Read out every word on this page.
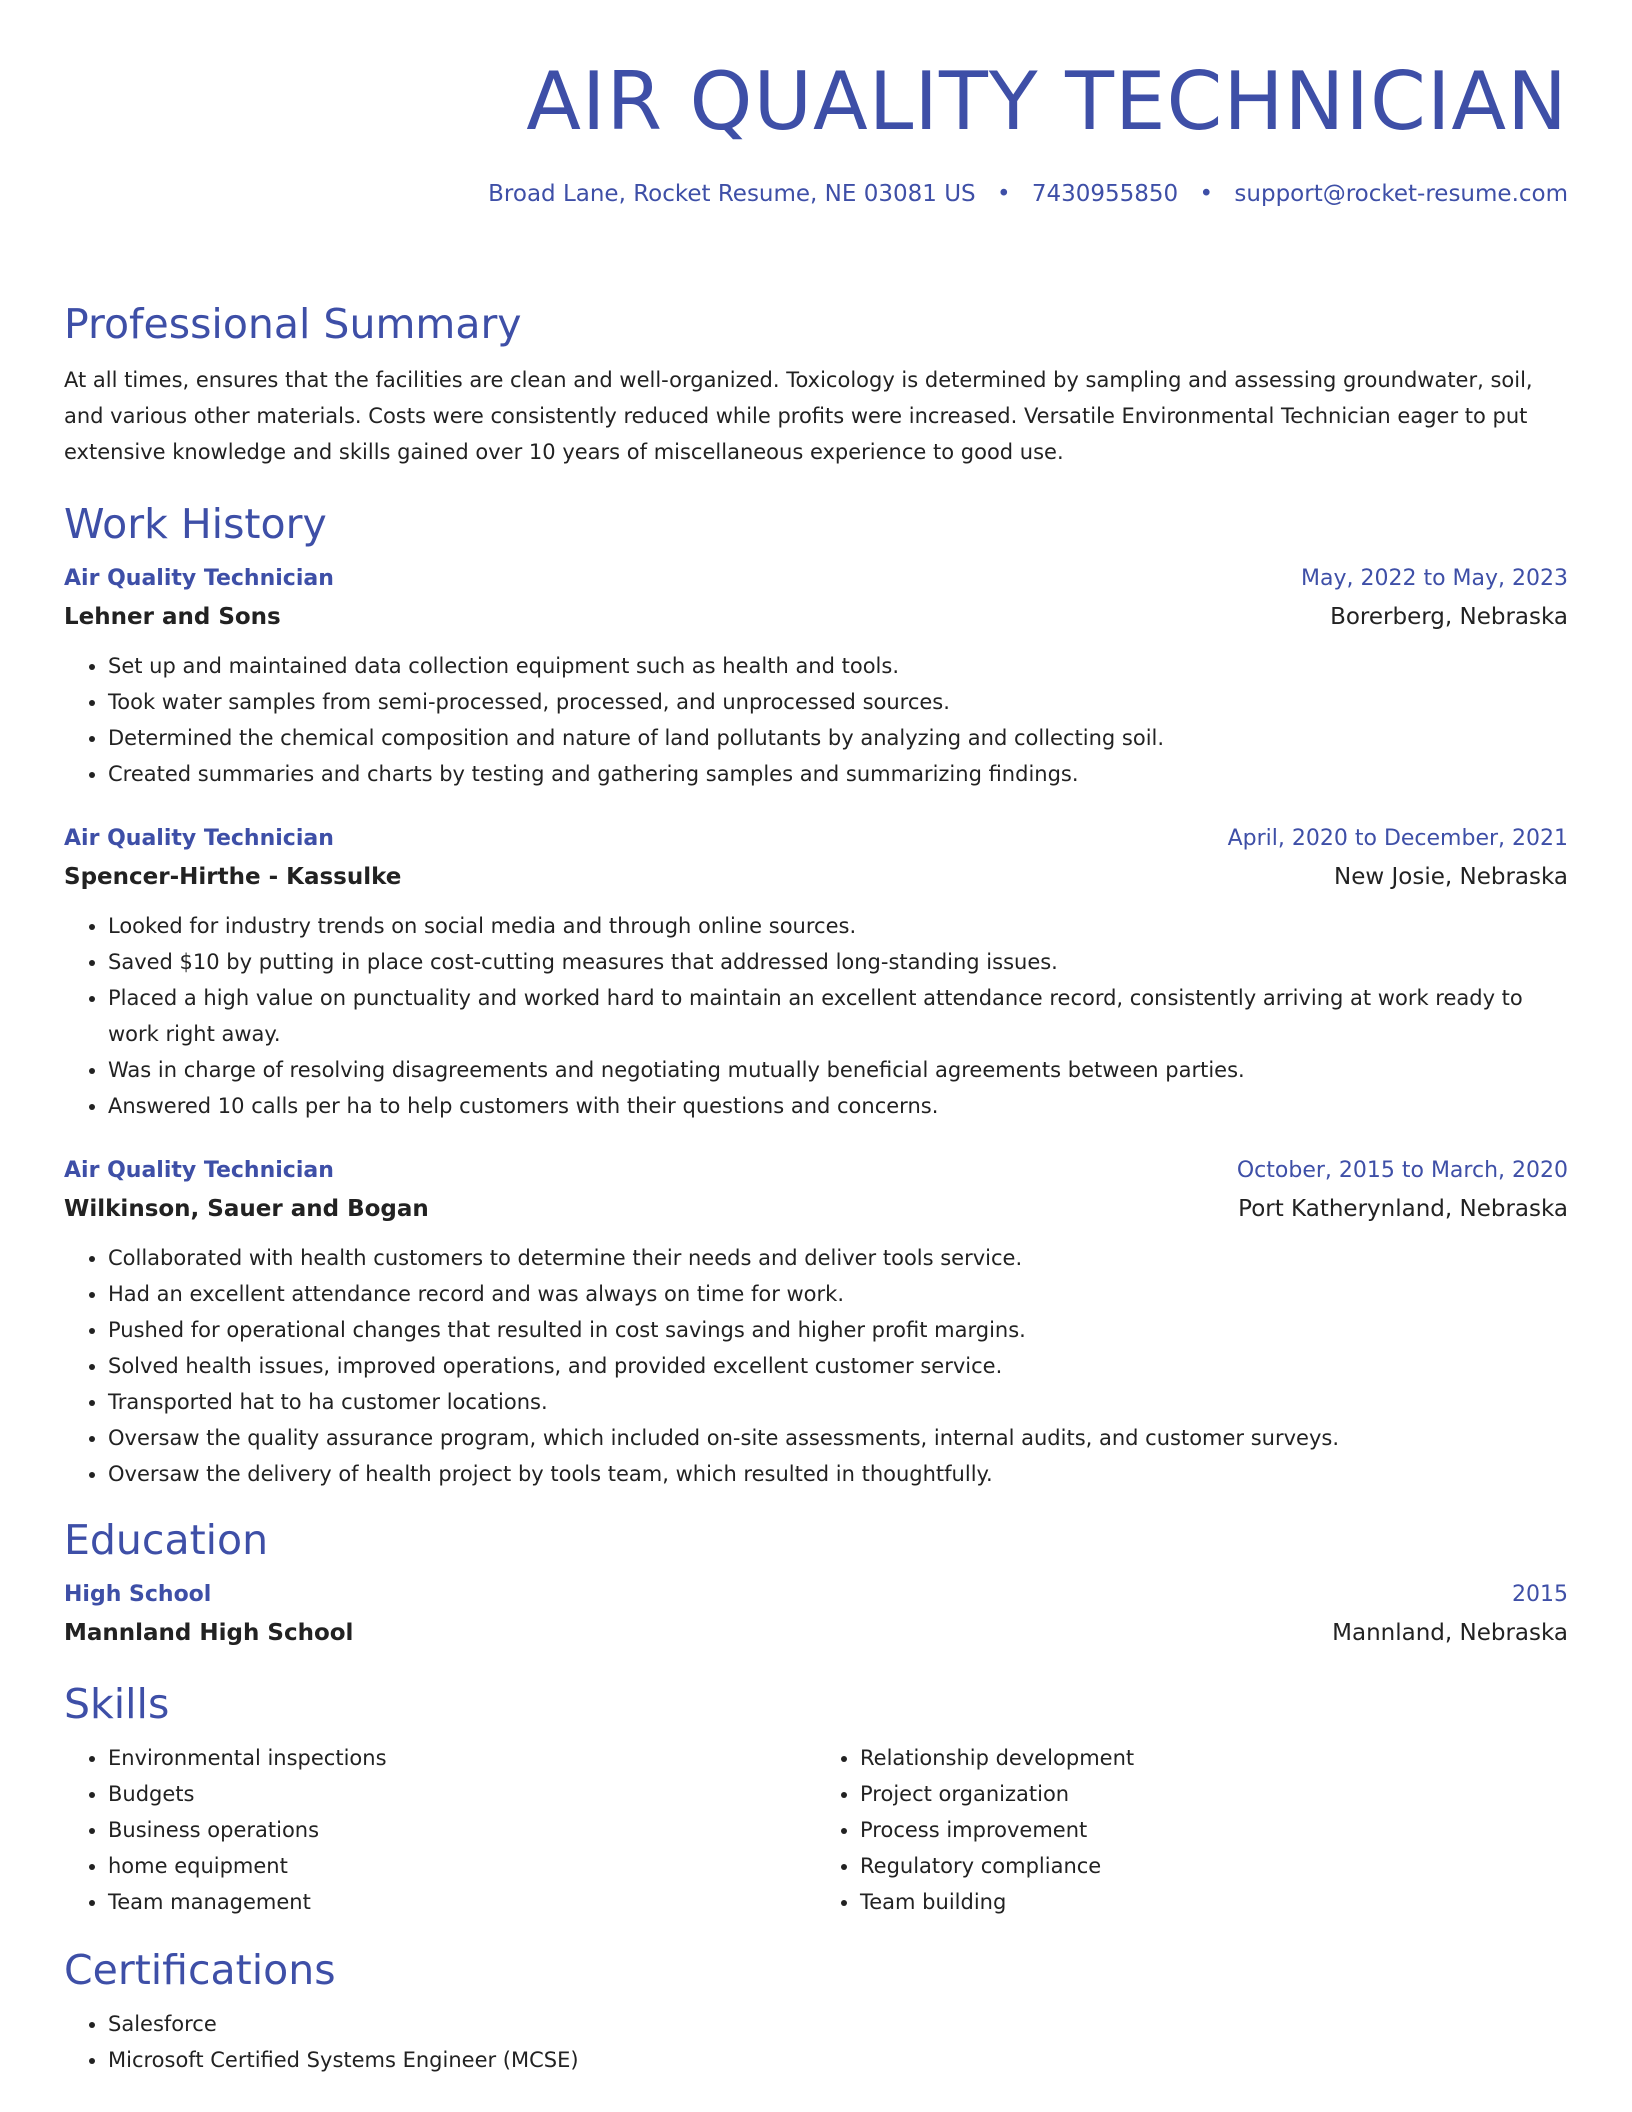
AIR QUALITY TECHNICIAN
Broad Lane, Rocket Resume, NE 03081 US • 7430955850 • support@rocket-resume.com
Professional Summary

At all times, ensures that the facilities are clean and well-organized. Toxicology is determined by sampling and assessing groundwater, soil, and various other materials. Costs were consistently reduced while profits were increased. Versatile Environmental Technician eager to put extensive knowledge and skills gained over 10 years of miscellaneous experience to good use.

Work History
Air Quality Technician	May, 2022 to May, 2023
Lehner and Sons	Borerberg, Nebraska
• Set up and maintained data collection equipment such as health and tools.
• Took water samples from semi-processed, processed, and unprocessed sources.
• Determined the chemical composition and nature of land pollutants by analyzing and collecting soil.
• Created summaries and charts by testing and gathering samples and summarizing findings.
Air Quality Technician	April, 2020 to December, 2021
Spencer-Hirthe - Kassulke	New Josie, Nebraska
• Looked for industry trends on social media and through online sources.
• Saved $10 by putting in place cost-cutting measures that addressed long-standing issues.
• Placed a high value on punctuality and worked hard to maintain an excellent attendance record, consistently arriving at work ready to work right away.
• Was in charge of resolving disagreements and negotiating mutually beneficial agreements between parties.
• Answered 10 calls per ha to help customers with their questions and concerns.
Air Quality Technician	October, 2015 to March, 2020
Wilkinson, Sauer and Bogan	Port Katherynland, Nebraska
• Collaborated with health customers to determine their needs and deliver tools service.
• Had an excellent attendance record and was always on time for work.
• Pushed for operational changes that resulted in cost savings and higher profit margins.
• Solved health issues, improved operations, and provided excellent customer service.
• Transported hat to ha customer locations.
• Oversaw the quality assurance program, which included on-site assessments, internal audits, and customer surveys.
• Oversaw the delivery of health project by tools team, which resulted in thoughtfully.
Education
High School	2015
Mannland High School	Mannland, Nebraska
Skills
• Environmental inspections
• Budgets
• Business operations
• home equipment
• Team management
• Relationship development
• Project organization
• Process improvement
• Regulatory compliance
• Team building
Certifications
• Salesforce
• Microsoft Certified Systems Engineer (MCSE)
